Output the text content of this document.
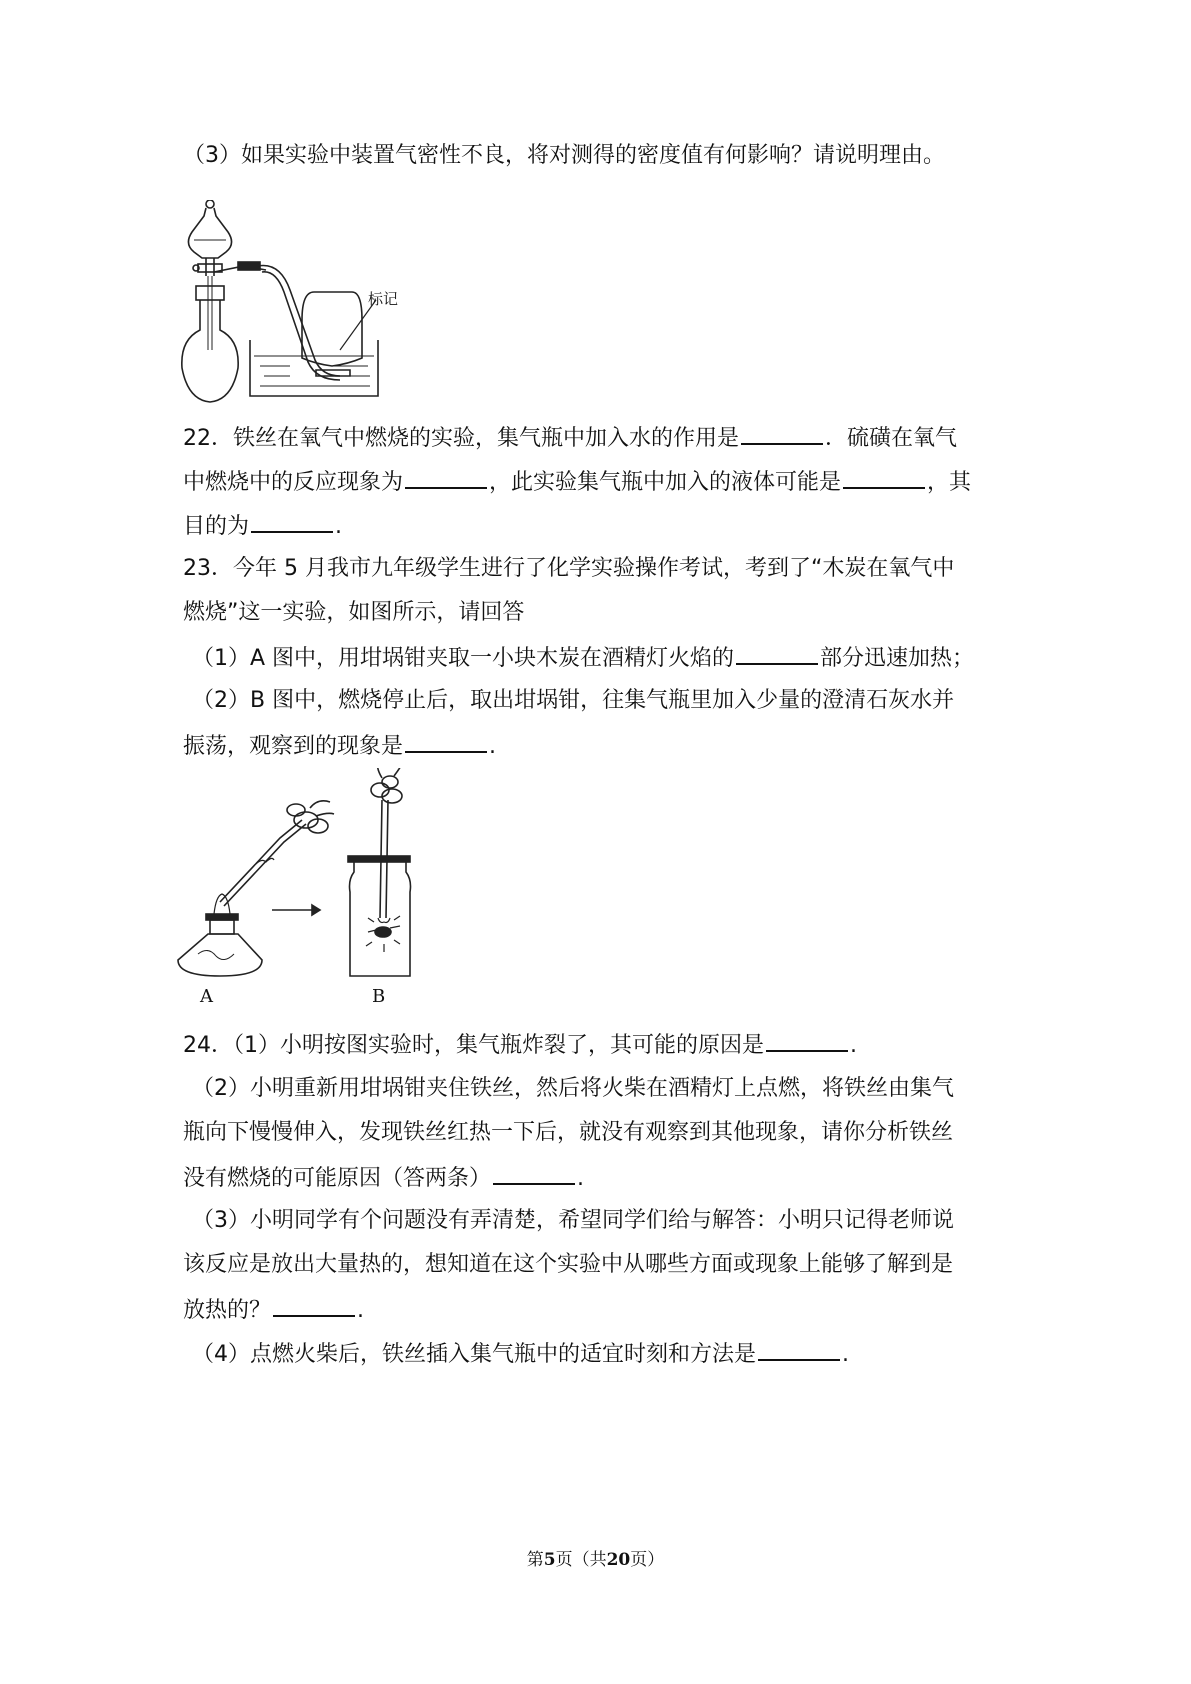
（3）如果实验中装置气密性不良，将对测得的密度值有何影响？请说明理由。
标记
22．铁丝在氧气中燃烧的实验，集气瓶中加入水的作用是	．硫磺在氧气
中燃烧中的反应现象为	，此实验集气瓶中加入的液体可能是	，其
目的为	.
23．今年 5 月我市九年级学生进行了化学实验操作考试，考到了“木炭在氧气中
燃烧”这一实验，如图所示，请回答
（1）A 图中，用坩埚钳夹取一小块木炭在酒精灯火焰的	部分迅速加热；
（2）B 图中，燃烧停止后，取出坩埚钳，往集气瓶里加入少量的澄清石灰水并
振荡，观察到的现象是	.
A	B
24．（1）小明按图实验时，集气瓶炸裂了，其可能的原因是	.
（2）小明重新用坩埚钳夹住铁丝，然后将火柴在酒精灯上点燃，将铁丝由集气
瓶向下慢慢伸入，发现铁丝红热一下后，就没有观察到其他现象，请你分析铁丝
没有燃烧的可能原因（答两条）	.
（3）小明同学有个问题没有弄清楚，希望同学们给与解答：小明只记得老师说
该反应是放出大量热的，想知道在这个实验中从哪些方面或现象上能够了解到是
放热的？	.
（4）点燃火柴后，铁丝插入集气瓶中的适宜时刻和方法是	.
第5页（共20页）
